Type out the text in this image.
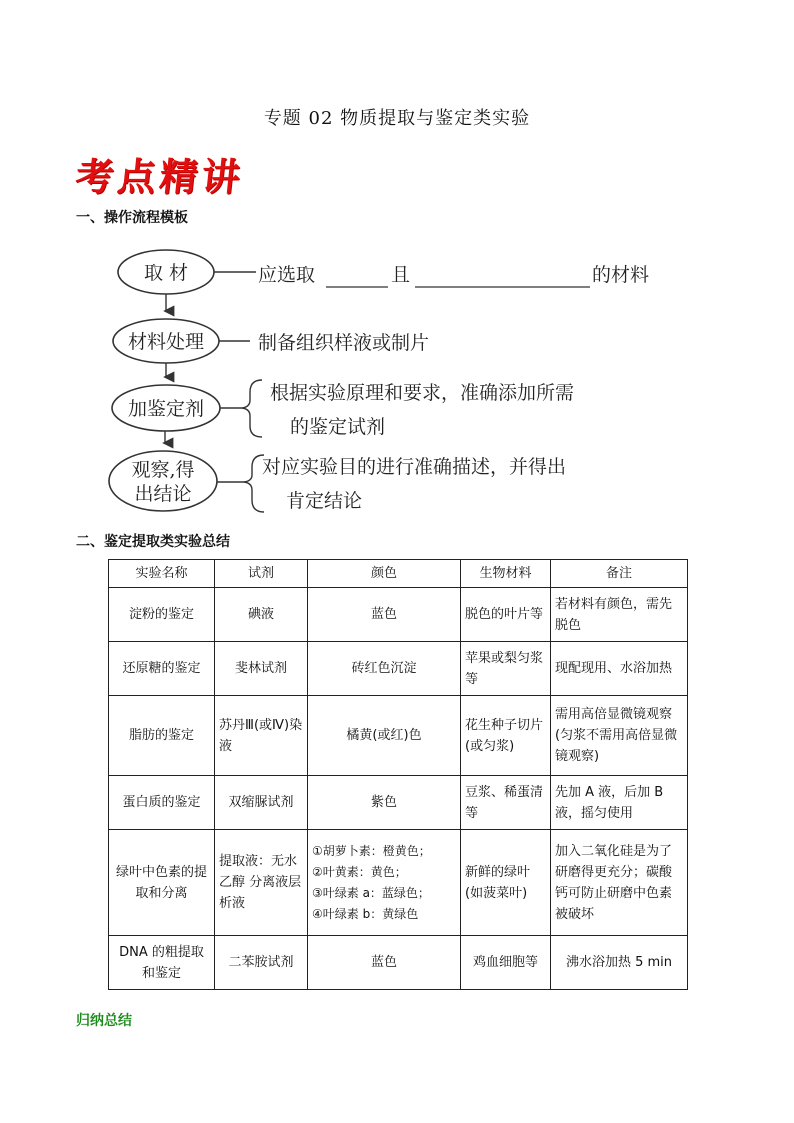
专题 02 物质提取与鉴定类实验
考点精讲
一、操作流程模板
取 材
材料处理
加鉴定剂
观察,得
出结论
应选取	且	的材料
制备组织样液或制片
根据实验原理和要求，准确添加所需
的鉴定试剂
对应实验目的进行准确描述，并得出
肯定结论
二、鉴定提取类实验总结
实验名称	试剂	颜色	生物材料	备注
淀粉的鉴定	碘液	蓝色	脱色的叶片等	若材料有颜色，需先脱色
还原糖的鉴定	斐林试剂	砖红色沉淀	苹果或梨匀浆等	现配现用、水浴加热
脂肪的鉴定	苏丹Ⅲ(或Ⅳ)染液	橘黄(或红)色	花生种子切片(或匀浆)	需用高倍显微镜观察(匀浆不需用高倍显微镜观察)
蛋白质的鉴定	双缩脲试剂	紫色	豆浆、稀蛋清等	先加 A 液，后加 B 液，摇匀使用
绿叶中色素的提取和分离	提取液：无水乙醇 分离液层析液	①胡萝卜素：橙黄色；
②叶黄素：黄色；
③叶绿素 a：蓝绿色；
④叶绿素 b：黄绿色	新鲜的绿叶(如菠菜叶)	加入二氧化硅是为了研磨得更充分；碳酸钙可防止研磨中色素被破坏
DNA 的粗提取和鉴定	二苯胺试剂	蓝色	鸡血细胞等	沸水浴加热 5 min
归纳总结
